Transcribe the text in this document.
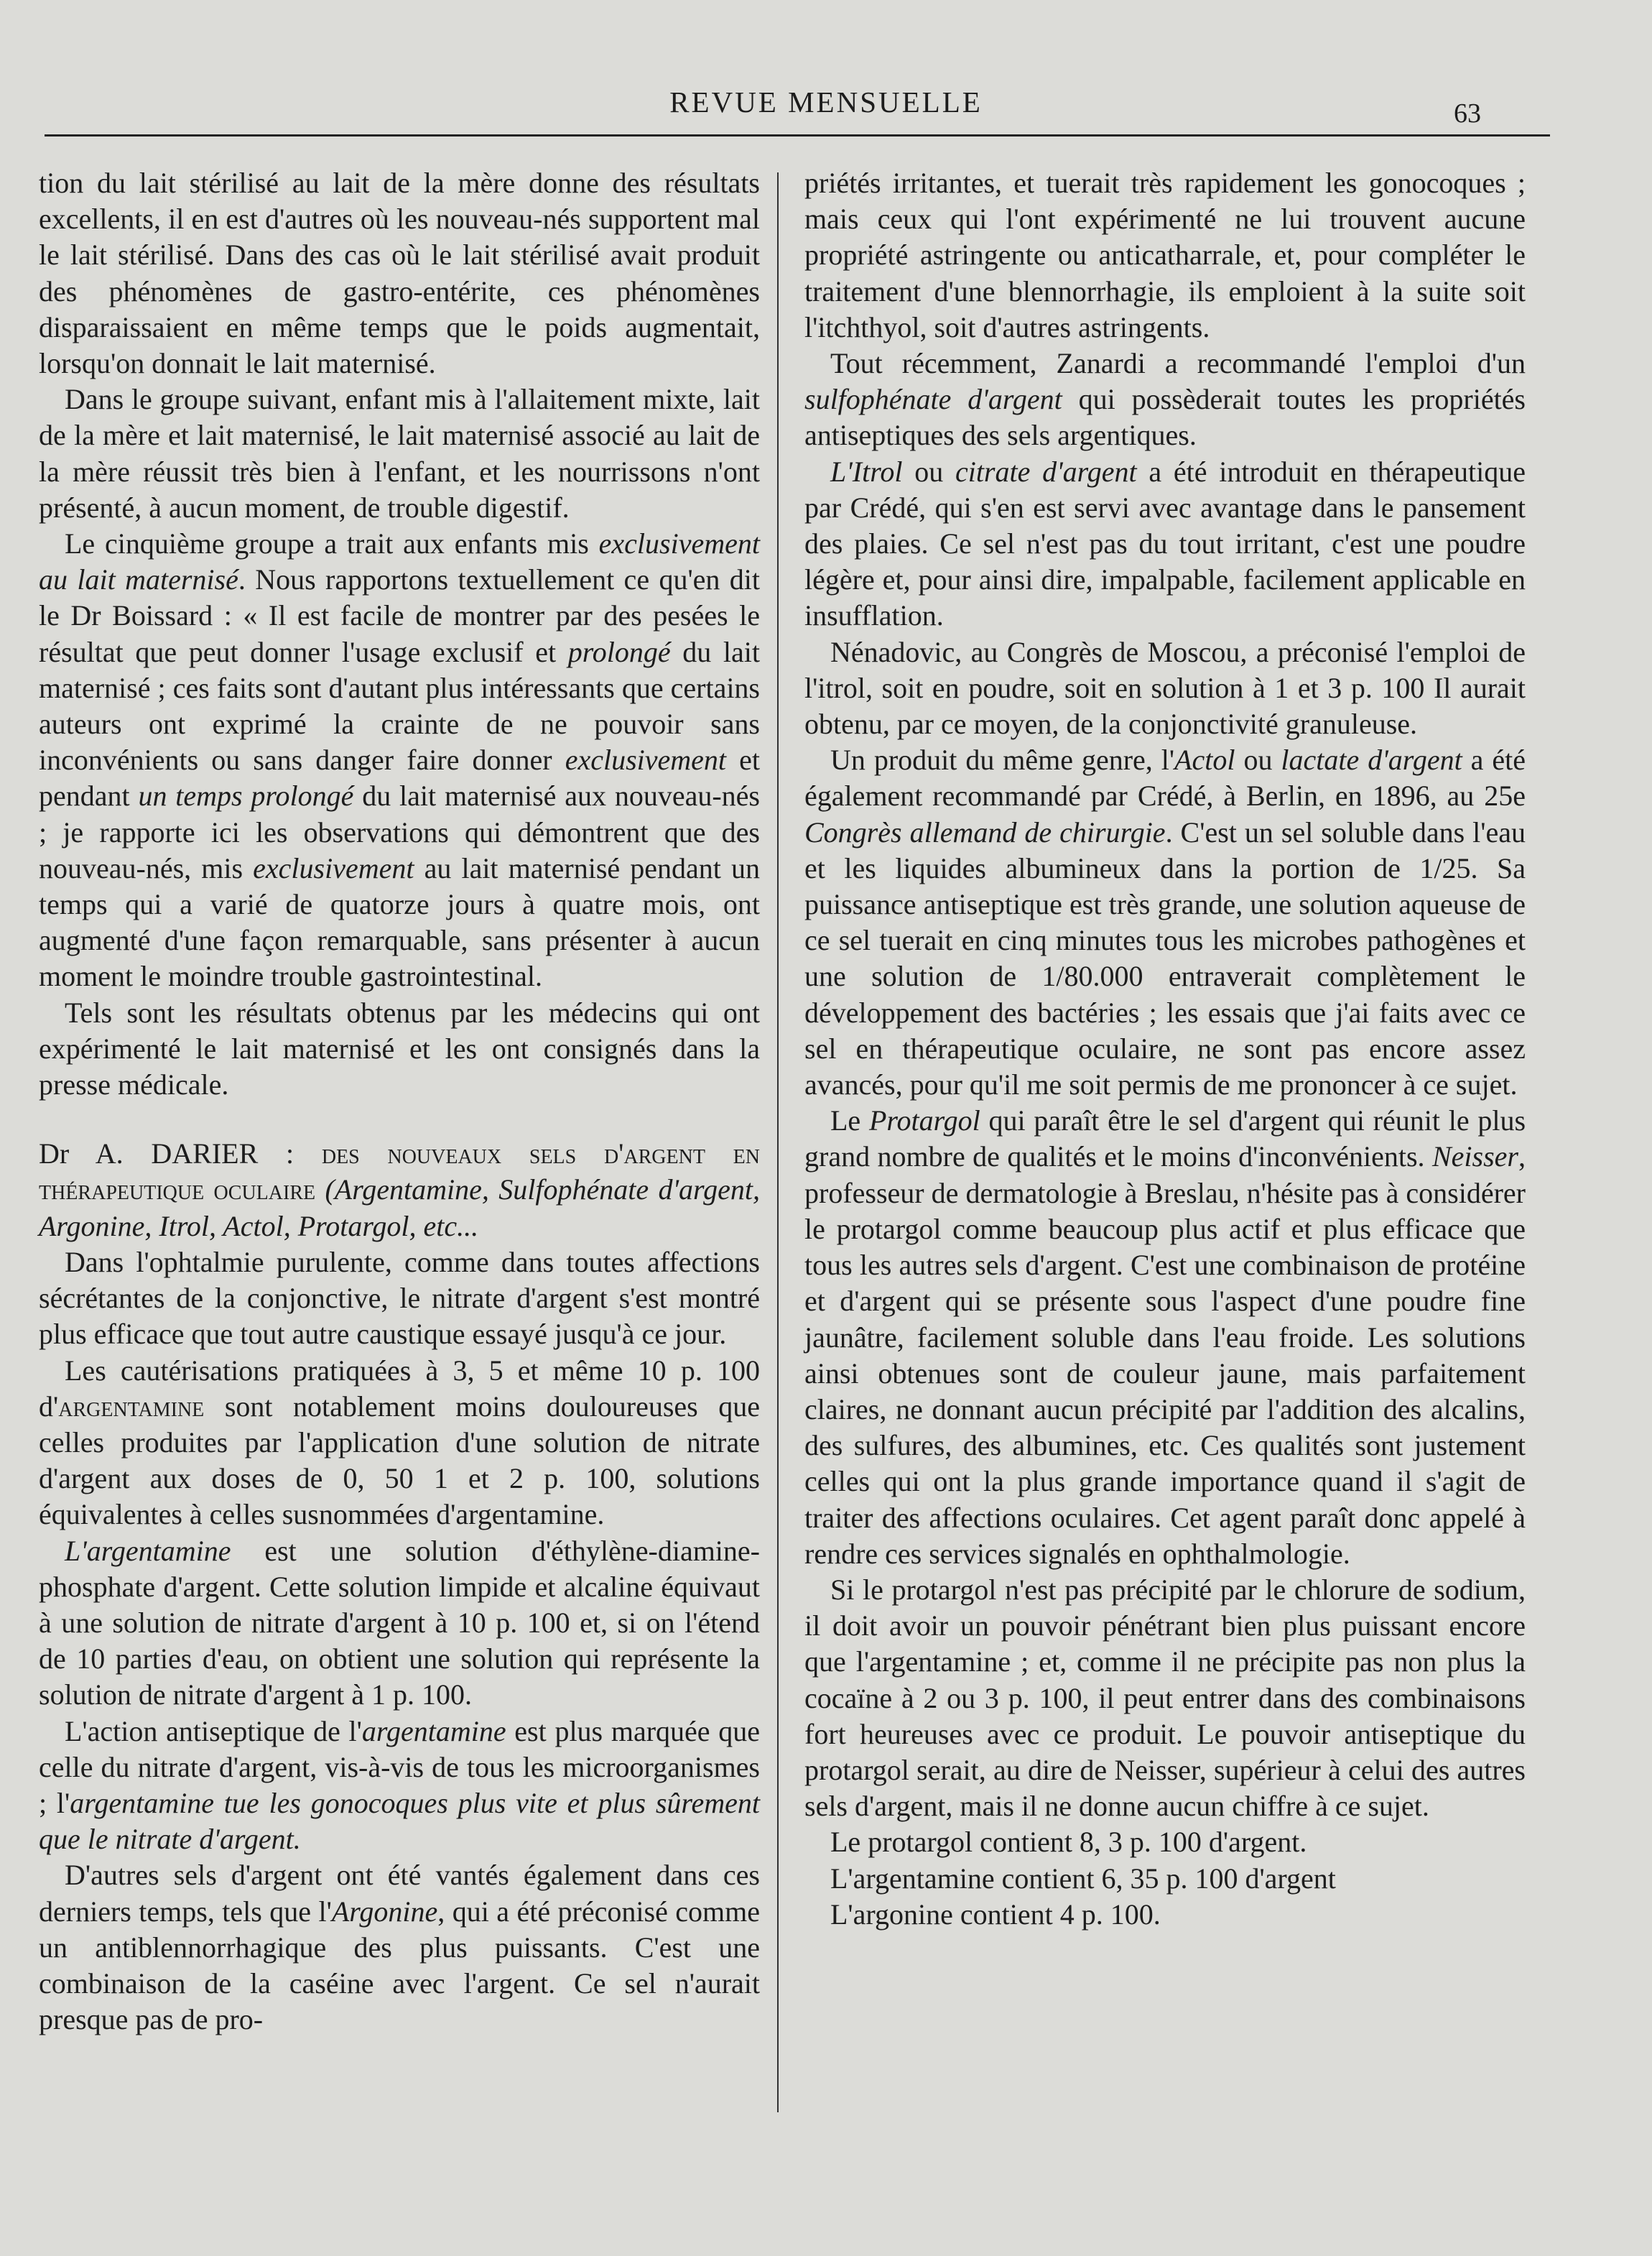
REVUE MENSUELLE	63

tion du lait stérilisé au lait de la mère donne des résultats excellents, il en est d'autres où les nouveau-nés supportent mal le lait stérilisé. Dans des cas où le lait stérilisé avait produit des phénomènes de gastro-entérite, ces phénomènes disparaissaient en même temps que le poids augmentait, lorsqu'on donnait le lait maternisé.

Dans le groupe suivant, enfant mis à l'allaitement mixte, lait de la mère et lait maternisé, le lait maternisé associé au lait de la mère réussit très bien à l'enfant, et les nourrissons n'ont présenté, à aucun moment, de trouble digestif.

Le cinquième groupe a trait aux enfants mis exclusivement au lait maternisé. Nous rapportons textuellement ce qu'en dit le Dr Boissard : « Il est facile de montrer par des pesées le résultat que peut donner l'usage exclusif et prolongé du lait maternisé ; ces faits sont d'autant plus intéressants que certains auteurs ont exprimé la crainte de ne pouvoir sans inconvénients ou sans danger faire donner exclusivement et pendant un temps prolongé du lait maternisé aux nouveau-nés ; je rapporte ici les observations qui démontrent que des nouveau-nés, mis exclusivement au lait maternisé pendant un temps qui a varié de quatorze jours à quatre mois, ont augmenté d'une façon remarquable, sans présenter à aucun moment le moindre trouble gastrointestinal.

Tels sont les résultats obtenus par les médecins qui ont expérimenté le lait maternisé et les ont consignés dans la presse médicale.

Dr A. DARIER : des nouveaux sels d'argent en thérapeutique oculaire (Argentamine, Sulfophénate d'argent, Argonine, Itrol, Actol, Protargol, etc...

Dans l'ophtalmie purulente, comme dans toutes affections sécrétantes de la conjonctive, le nitrate d'argent s'est montré plus efficace que tout autre caustique essayé jusqu'à ce jour.

Les cautérisations pratiquées à 3, 5 et même 10 p. 100 d'argentamine sont notablement moins douloureuses que celles produites par l'application d'une solution de nitrate d'argent aux doses de 0, 50 1 et 2 p. 100, solutions équivalentes à celles susnommées d'argentamine.

L'argentamine est une solution d'éthylène-diamine-phosphate d'argent. Cette solution limpide et alcaline équivaut à une solution de nitrate d'argent à 10 p. 100 et, si on l'étend de 10 parties d'eau, on obtient une solution qui représente la solution de nitrate d'argent à 1 p. 100.

L'action antiseptique de l'argentamine est plus marquée que celle du nitrate d'argent, vis-à-vis de tous les microorganismes ; l'argentamine tue les gonocoques plus vite et plus sûrement que le nitrate d'argent.

D'autres sels d'argent ont été vantés également dans ces derniers temps, tels que l'Argonine, qui a été préconisé comme un antiblennorrhagique des plus puissants. C'est une combinaison de la caséine avec l'argent. Ce sel n'aurait presque pas de pro-

priétés irritantes, et tuerait très rapidement les gonocoques ; mais ceux qui l'ont expérimenté ne lui trouvent aucune propriété astringente ou anticatharrale, et, pour compléter le traitement d'une blennorrhagie, ils emploient à la suite soit l'itchthyol, soit d'autres astringents.

Tout récemment, Zanardi a recommandé l'emploi d'un sulfophénate d'argent qui possèderait toutes les propriétés antiseptiques des sels argentiques.

L'Itrol ou citrate d'argent a été introduit en thérapeutique par Crédé, qui s'en est servi avec avantage dans le pansement des plaies. Ce sel n'est pas du tout irritant, c'est une poudre légère et, pour ainsi dire, impalpable, facilement applicable en insufflation.

Nénadovic, au Congrès de Moscou, a préconisé l'emploi de l'itrol, soit en poudre, soit en solution à 1 et 3 p. 100 Il aurait obtenu, par ce moyen, de la conjonctivité granuleuse.

Un produit du même genre, l'Actol ou lactate d'argent a été également recommandé par Crédé, à Berlin, en 1896, au 25e Congrès allemand de chirurgie. C'est un sel soluble dans l'eau et les liquides albumineux dans la portion de 1/25. Sa puissance antiseptique est très grande, une solution aqueuse de ce sel tuerait en cinq minutes tous les microbes pathogènes et une solution de 1/80.000 entraverait complètement le développement des bactéries ; les essais que j'ai faits avec ce sel en thérapeutique oculaire, ne sont pas encore assez avancés, pour qu'il me soit permis de me prononcer à ce sujet.

Le Protargol qui paraît être le sel d'argent qui réunit le plus grand nombre de qualités et le moins d'inconvénients. Neisser, professeur de dermatologie à Breslau, n'hésite pas à considérer le protargol comme beaucoup plus actif et plus efficace que tous les autres sels d'argent. C'est une combinaison de protéine et d'argent qui se présente sous l'aspect d'une poudre fine jaunâtre, facilement soluble dans l'eau froide. Les solutions ainsi obtenues sont de couleur jaune, mais parfaitement claires, ne donnant aucun précipité par l'addition des alcalins, des sulfures, des albumines, etc. Ces qualités sont justement celles qui ont la plus grande importance quand il s'agit de traiter des affections oculaires. Cet agent paraît donc appelé à rendre ces services signalés en ophthalmologie.

Si le protargol n'est pas précipité par le chlorure de sodium, il doit avoir un pouvoir pénétrant bien plus puissant encore que l'argentamine ; et, comme il ne précipite pas non plus la cocaïne à 2 ou 3 p. 100, il peut entrer dans des combinaisons fort heureuses avec ce produit. Le pouvoir antiseptique du protargol serait, au dire de Neisser, supérieur à celui des autres sels d'argent, mais il ne donne aucun chiffre à ce sujet.

Le protargol contient 8, 3 p. 100 d'argent.

L'argentamine contient 6, 35 p. 100 d'argent

L'argonine contient 4 p. 100.
